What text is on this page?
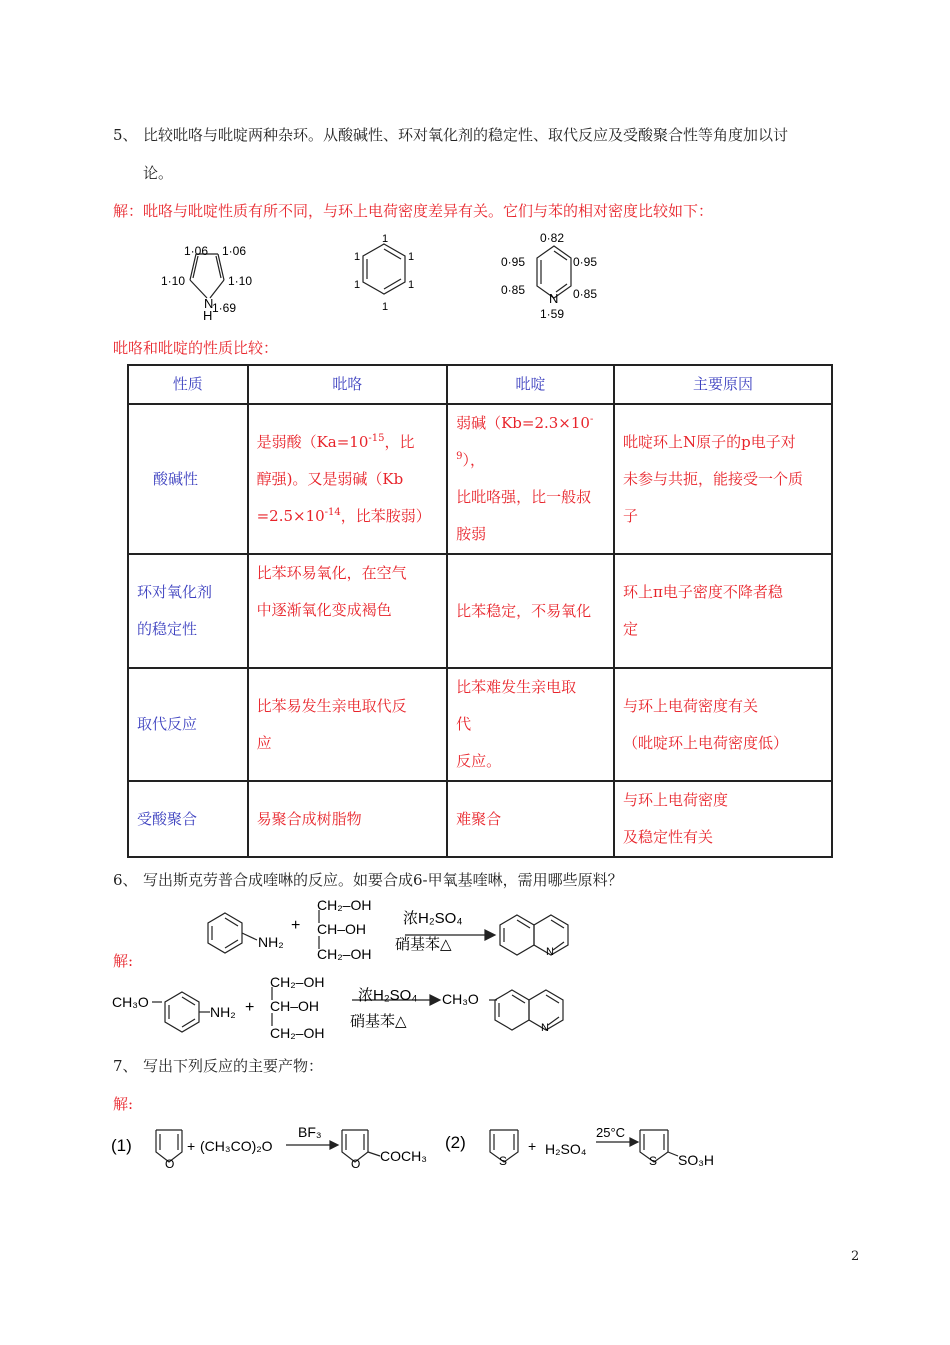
5、 比较吡咯与吡啶两种杂环。从酸碱性、环对氧化剂的稳定性、取代反应及受酸聚合性等角度加以讨
论。
解：吡咯与吡啶性质有所不同，与环上电荷密度差异有关。它们与苯的相对密度比较如下：
1·06 1·06
1·10	1·10
N
1·69
H
1
1
1
1
1
1
0·82
0·95	0·95
0·85	0·85
N
1·59
吡咯和吡啶的性质比较：
性质	吡咯	吡啶	主要原因
酸碱性	是弱酸（$Ka=10^{-15}$，比
醇强)。又是弱碱（Kb
$=2.5\times 10^{-14}$，比苯胺弱）	弱碱$(Kb=2.3\times 10^{-9})$，
比吡咯强，比一般叔
胺弱	吡啶环上N原子的p电子对
未参与共扼，能接受一个质
子
环对氧化剂
的稳定性	比苯环易氧化，在空气
中逐渐氧化变成褐色	比苯稳定，不易氧化	环上π电子密度不降者稳
定
取代反应	比苯易发生亲电取代反
应	比苯难发生亲电取
代
反应。	与环上电荷密度有关
（吡啶环上电荷密度低）
受酸聚合	易聚合成树脂物	难聚合	与环上电荷密度
及稳定性有关
6、 写出斯克劳普合成喹啉的反应。如要合成6-甲氧基喹啉，需用哪些原料？
解:
NH₂
+
CH₂–OH
CH–OH
CH₂–OH
浓H₂SO₄
硝基苯△	N
CH₃O
NH₂ +
CH₂–OH
CH–OH
CH₂–OH
浓H₂SO₄
硝基苯△
CH₃O
N
7、 写出下列反应的主要产物：
解:
(1)
O
+ (CH₃CO)₂O
BF₃
O COCH₃
(2)
S
+ H₂SO₄
25°C
S SO₃H
2
